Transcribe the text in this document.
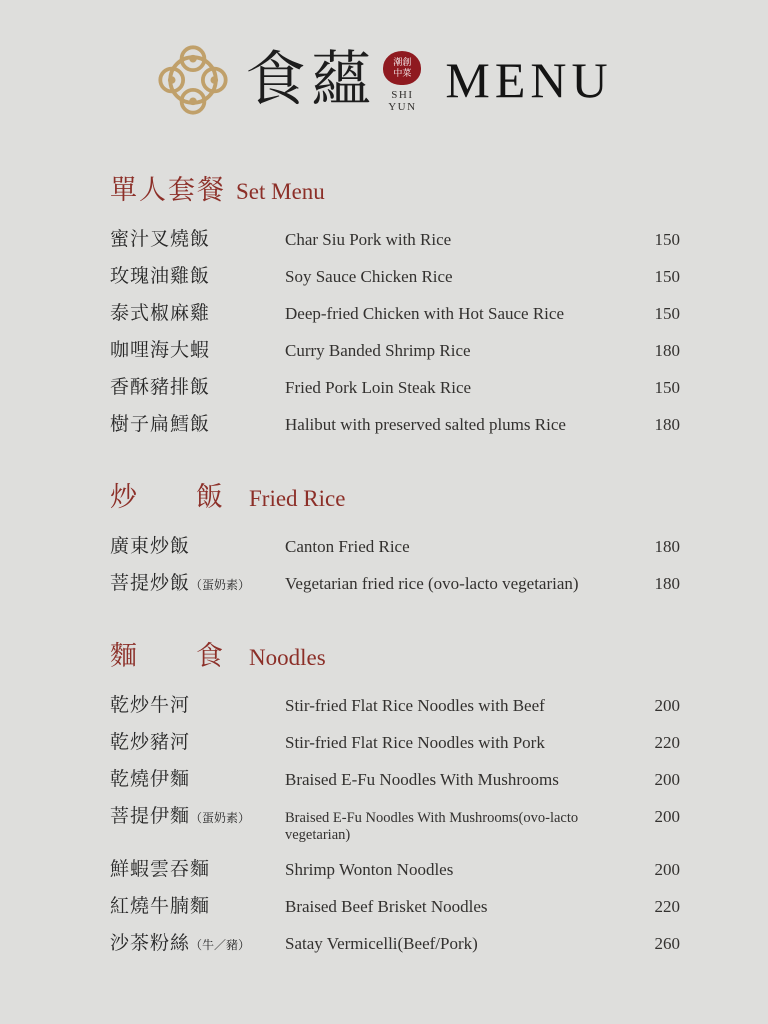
食蘊 潮創
中菜
SHI
YUN MENU
單人套餐 Set Menu
蜜汁叉燒飯	Char Siu Pork with Rice	150
玫瑰油雞飯	Soy Sauce Chicken Rice	150
泰式椒麻雞	Deep-fried Chicken with Hot Sauce Rice	150
咖哩海大蝦	Curry Banded Shrimp Rice	180
香酥豬排飯	Fried Pork Loin Steak Rice	150
樹子扁鱈飯	Halibut with preserved salted plums Rice	180
炒　飯 Fried Rice
廣東炒飯	Canton Fried Rice	180
菩提炒飯（蛋奶素）	Vegetarian fried rice (ovo-lacto vegetarian)	180
麵　食 Noodles
乾炒牛河	Stir-fried Flat Rice Noodles with Beef	200
乾炒豬河	Stir-fried Flat Rice Noodles with Pork	220
乾燒伊麵	Braised E-Fu Noodles With Mushrooms	200
菩提伊麵（蛋奶素）	Braised E-Fu Noodles With Mushrooms(ovo-lacto vegetarian)	200
鮮蝦雲吞麵	Shrimp Wonton Noodles	200
紅燒牛腩麵	Braised Beef Brisket Noodles	220
沙茶粉絲（牛／豬）	Satay Vermicelli(Beef/Pork)	260
